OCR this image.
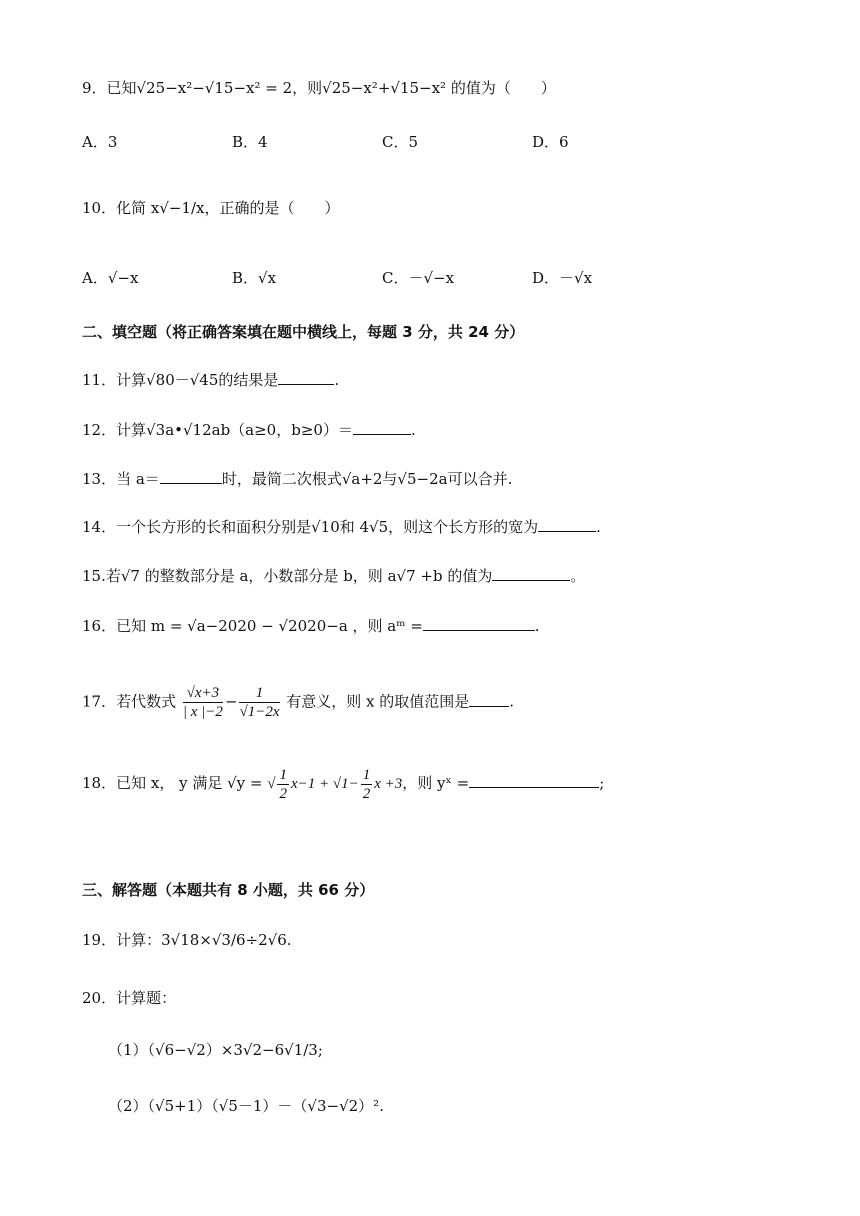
9．已知√25−x²−√15−x² = 2，则√25−x²+√15−x² 的值为（　　）
A．3	B．4	C．5	D．6
10．化简 x√−1/x，正确的是（　　）
A．√−x	B．√x	C．－√−x	D．－√x
二、填空题（将正确答案填在题中横线上，每题 3 分，共 24 分）
11．计算√80－√45的结果是	.
12．计算√3a•√12ab（a≥0，b≥0）＝	.
13．当 a＝	时，最简二次根式√a+2与√5−2a可以合并.
14．一个长方形的长和面积分别是√10和 4√5，则这个长方形的宽为	.
15.若√7 的整数部分是 a，小数部分是 b，则 a√7 +b 的值为	。
16．已知 m = √a−2020 − √2020−a ，则 aᵐ =	.
17．若代数式 $\frac{√x+3}{| x |-2} - \frac{1}{√1-2x}$ 有意义，则 x 的取值范围是	.
18．已知 x， y 满足 √y = √ $\frac{1}{2} x-1 + √1- \frac{1}{2}$ x +3，则 yˣ =	;
三、解答题（本题共有 8 小题，共 66 分）
19．计算：3√18×√3/6÷2√6.
20．计算题：
（1）（√6−√2）×3√2−6√1/3;
（2）（√5+1）（√5－1）－（√3−√2）².
